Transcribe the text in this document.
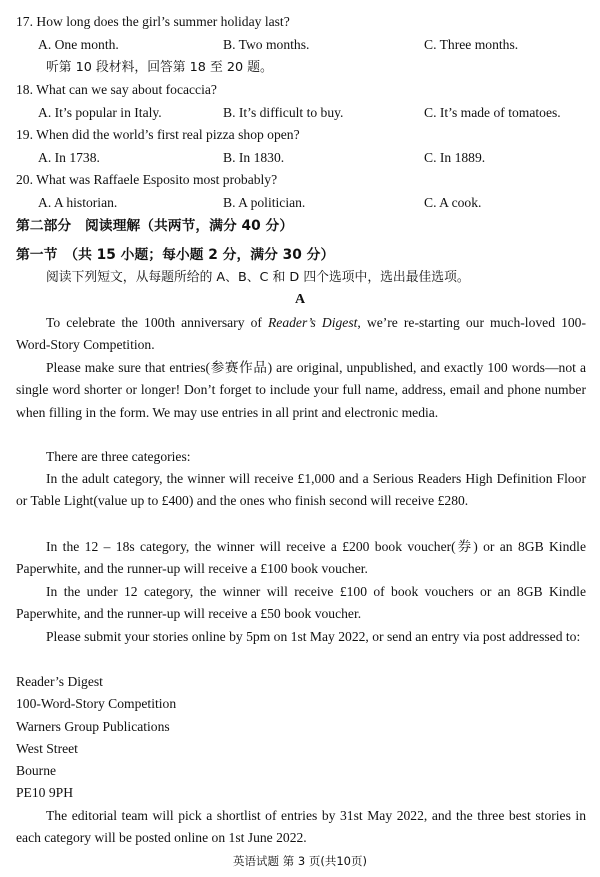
17. How long does the girl’s summer holiday last?
A. One month.	B. Two months.	C. Three months.
听第 10 段材料，回答第 18 至 20 题。
18. What can we say about focaccia?
A. It’s popular in Italy.	B. It’s difficult to buy.	C. It’s made of tomatoes.
19. When did the world’s first real pizza shop open?
A. In 1738.	B. In 1830.	C. In 1889.
20. What was Raffaele Esposito most probably?
A. A historian.	B. A politician.	C. A cook.
第二部分　阅读理解（共两节，满分 40 分）
第一节　（共 15 小题；每小题 2 分，满分 30 分）
阅读下列短文，从每题所给的 A、B、C 和 D 四个选项中，选出最佳选项。
A
To celebrate the 100th anniversary of Reader’s Digest, we’re re-starting our much-loved 100-Word-Story Competition.
Please make sure that entries(参赛作品) are original, unpublished, and exactly 100 words—not a single word shorter or longer! Don’t forget to include your full name, address, email and phone number when filling in the form. We may use entries in all print and electronic media.
There are three categories:
In the adult category, the winner will receive £1,000 and a Serious Readers High Definition Floor or Table Light(value up to £400) and the ones who finish second will receive £280.
In the 12 – 18s category, the winner will receive a £200 book voucher(券) or an 8GB Kindle Paperwhite, and the runner-up will receive a £100 book voucher.
In the under 12 category, the winner will receive £100 of book vouchers or an 8GB Kindle Paperwhite, and the runner-up will receive a £50 book voucher.
Please submit your stories online by 5pm on 1st May 2022, or send an entry via post addressed to:
Reader’s Digest
100-Word-Story Competition
Warners Group Publications
West Street
Bourne
PE10 9PH
The editorial team will pick a shortlist of entries by 31st May 2022, and the three best stories in each category will be posted online on 1st June 2022.
英语试题 第 3 页(共10页)
